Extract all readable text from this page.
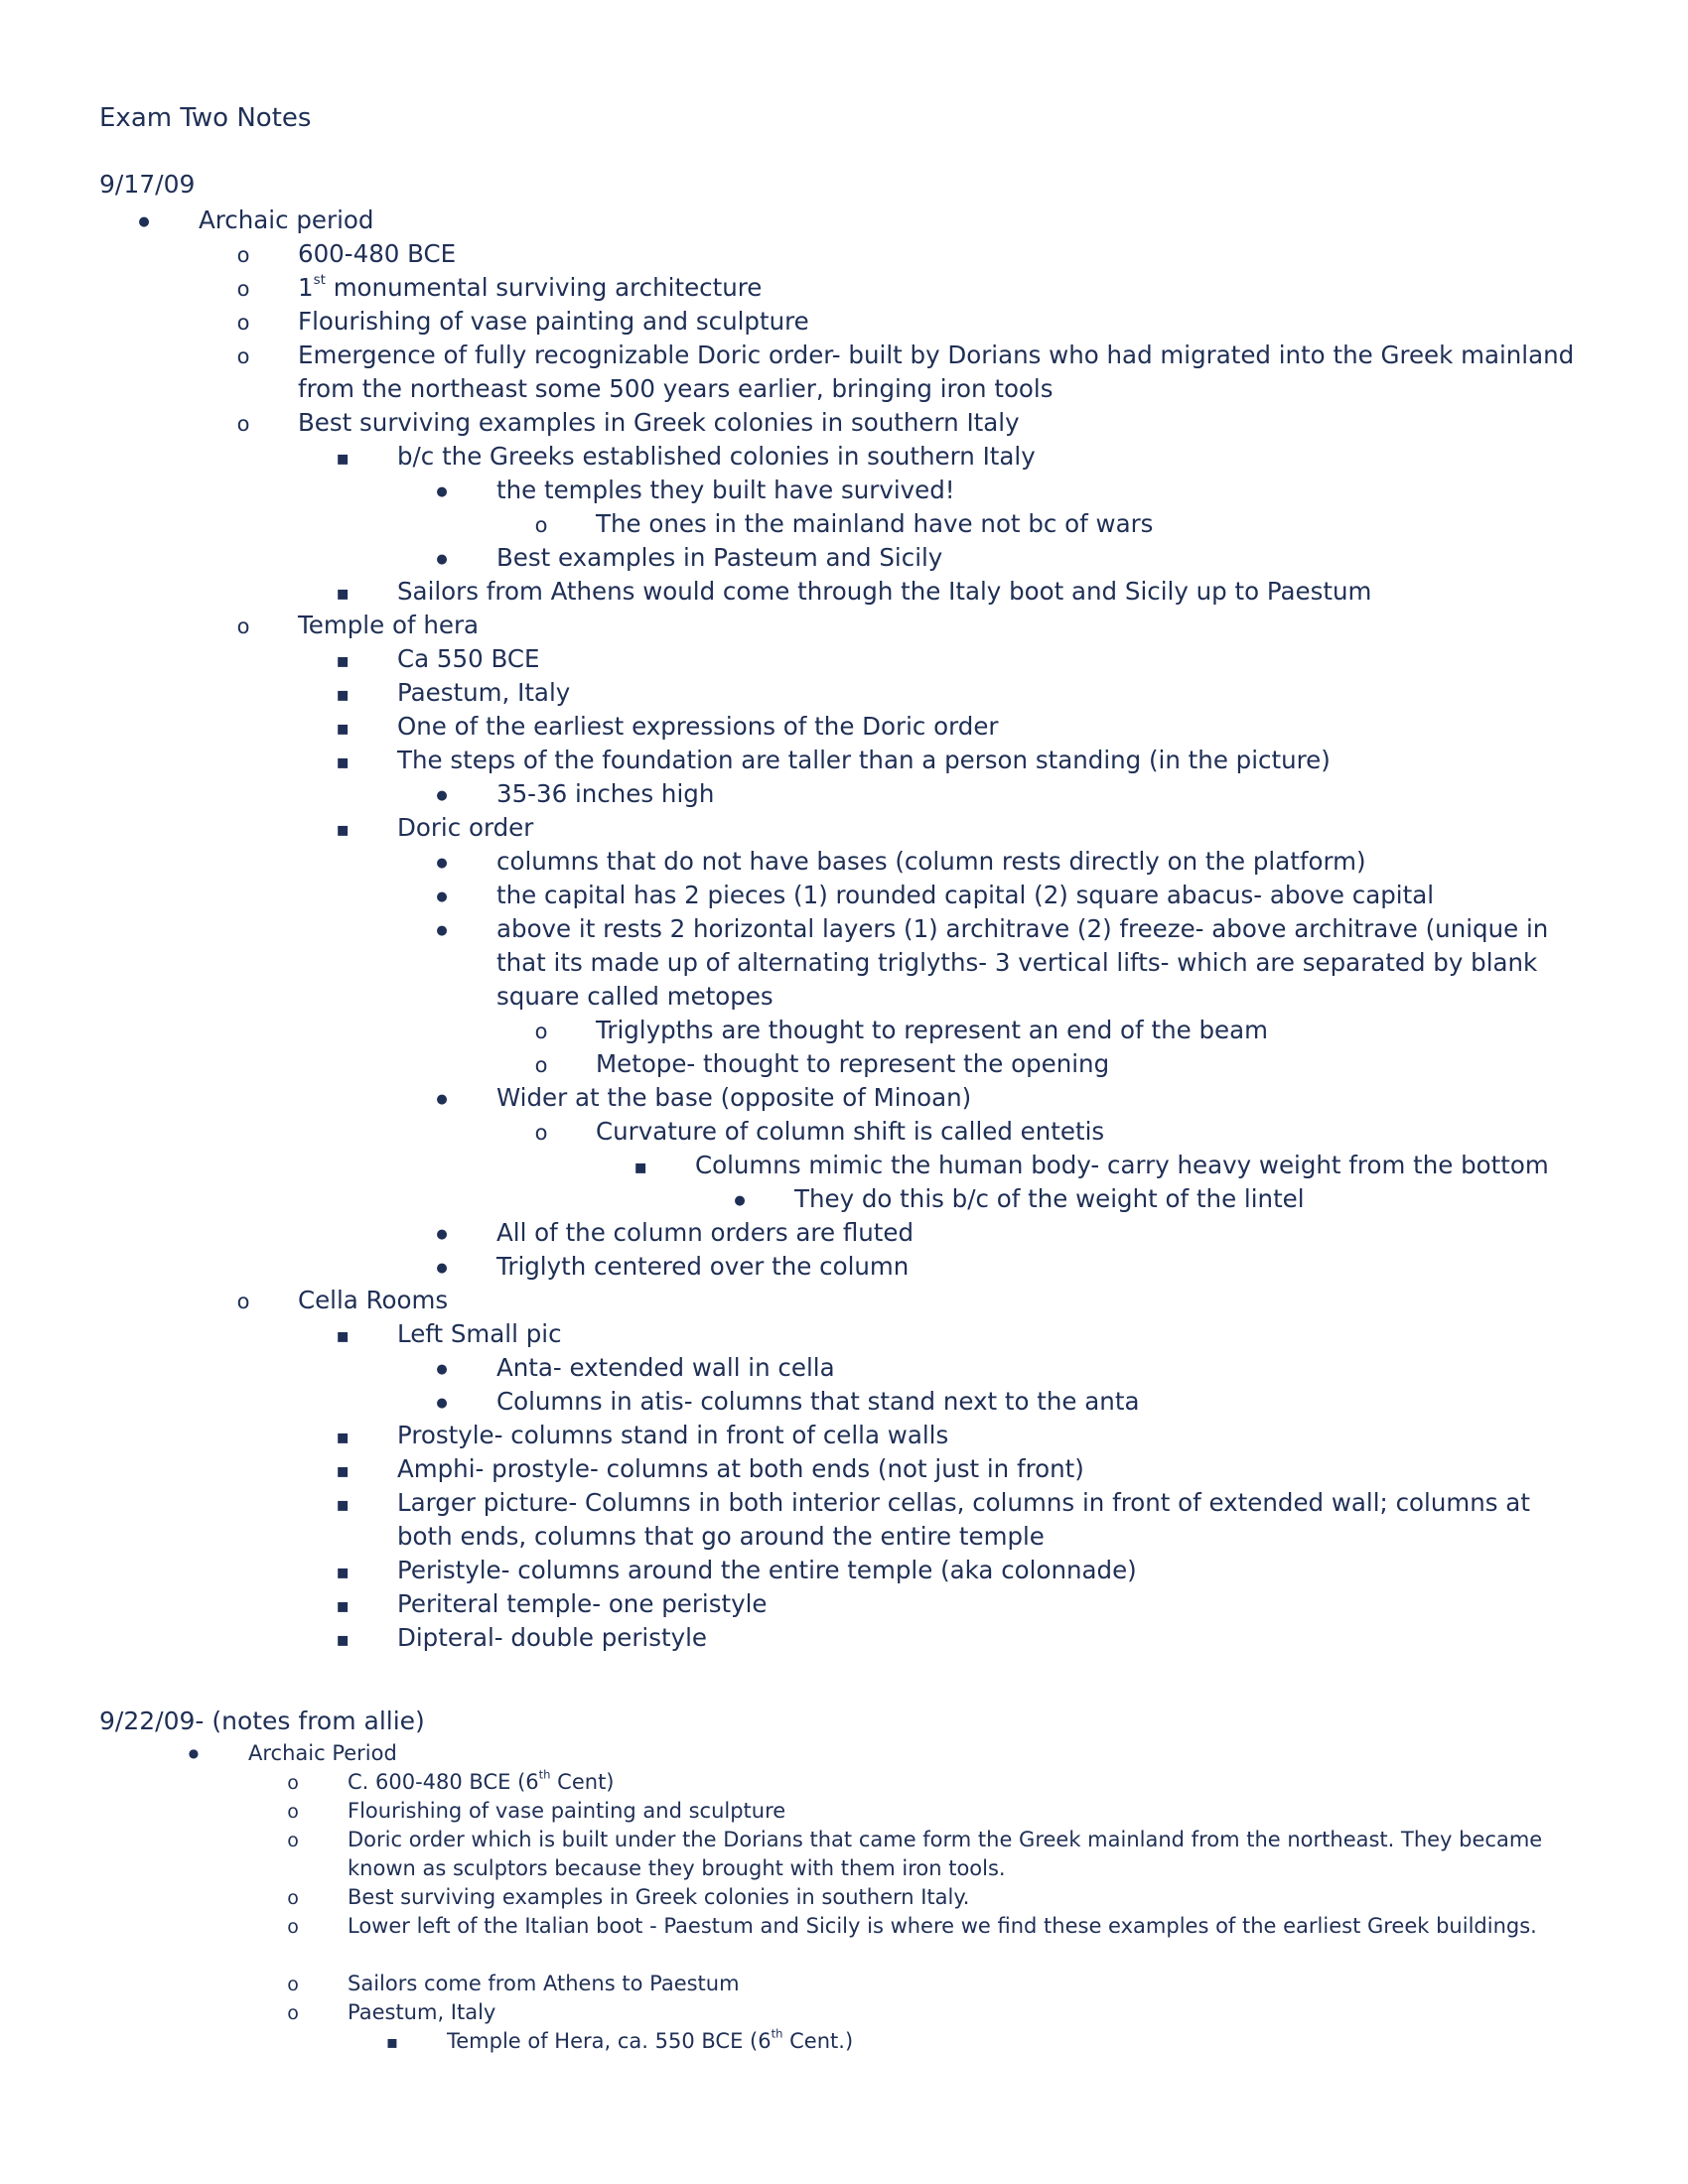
Exam Two Notes
9/17/09
●
Archaic period
o
600-480 BCE
o
1st monumental surviving architecture
o
Flourishing of vase painting and sculpture
o
Emergence of fully recognizable Doric order- built by Dorians who had migrated into the Greek mainland from the northeast some 500 years earlier, bringing iron tools
o
Best surviving examples in Greek colonies in southern Italy
▪
b/c the Greeks established colonies in southern Italy
●
the temples they built have survived!
o
The ones in the mainland have not bc of wars
●
Best examples in Pasteum and Sicily
▪
Sailors from Athens would come through the Italy boot and Sicily up to Paestum
o
Temple of hera
▪
Ca 550 BCE
▪
Paestum, Italy
▪
One of the earliest expressions of the Doric order
▪
The steps of the foundation are taller than a person standing (in the picture)
●
35-36 inches high
▪
Doric order
●
columns that do not have bases (column rests directly on the platform)
●
the capital has 2 pieces (1) rounded capital (2) square abacus- above capital
●
above it rests 2 horizontal layers (1) architrave (2) freeze- above architrave (unique in that its made up of alternating triglyths- 3 vertical lifts- which are separated by blank square called metopes
o
Triglypths are thought to represent an end of the beam
o
Metope- thought to represent the opening
●
Wider at the base (opposite of Minoan)
o
Curvature of column shift is called entetis
▪
Columns mimic the human body- carry heavy weight from the bottom
●
They do this b/c of the weight of the lintel
●
All of the column orders are fluted
●
Triglyth centered over the column
o
Cella Rooms
▪
Left Small pic
●
Anta- extended wall in cella
●
Columns in atis- columns that stand next to the anta
▪
Prostyle- columns stand in front of cella walls
▪
Amphi- prostyle- columns at both ends (not just in front)
▪
Larger picture- Columns in both interior cellas, columns in front of extended wall; columns at both ends, columns that go around the entire temple
▪
Peristyle- columns around the entire temple (aka colonnade)
▪
Periteral temple- one peristyle
▪
Dipteral- double peristyle
9/22/09- (notes from allie)
●
Archaic Period
o
C. 600-480 BCE (6th Cent)
o
Flourishing of vase painting and sculpture
o
Doric order which is built under the Dorians that came form the Greek mainland from the northeast. They became known as sculptors because they brought with them iron tools.
o
Best surviving examples in Greek colonies in southern Italy.
o
Lower left of the Italian boot - Paestum and Sicily is where we find these examples of the earliest Greek buildings.
o
Sailors come from Athens to Paestum
o
Paestum, Italy
▪
Temple of Hera, ca. 550 BCE (6th Cent.)
